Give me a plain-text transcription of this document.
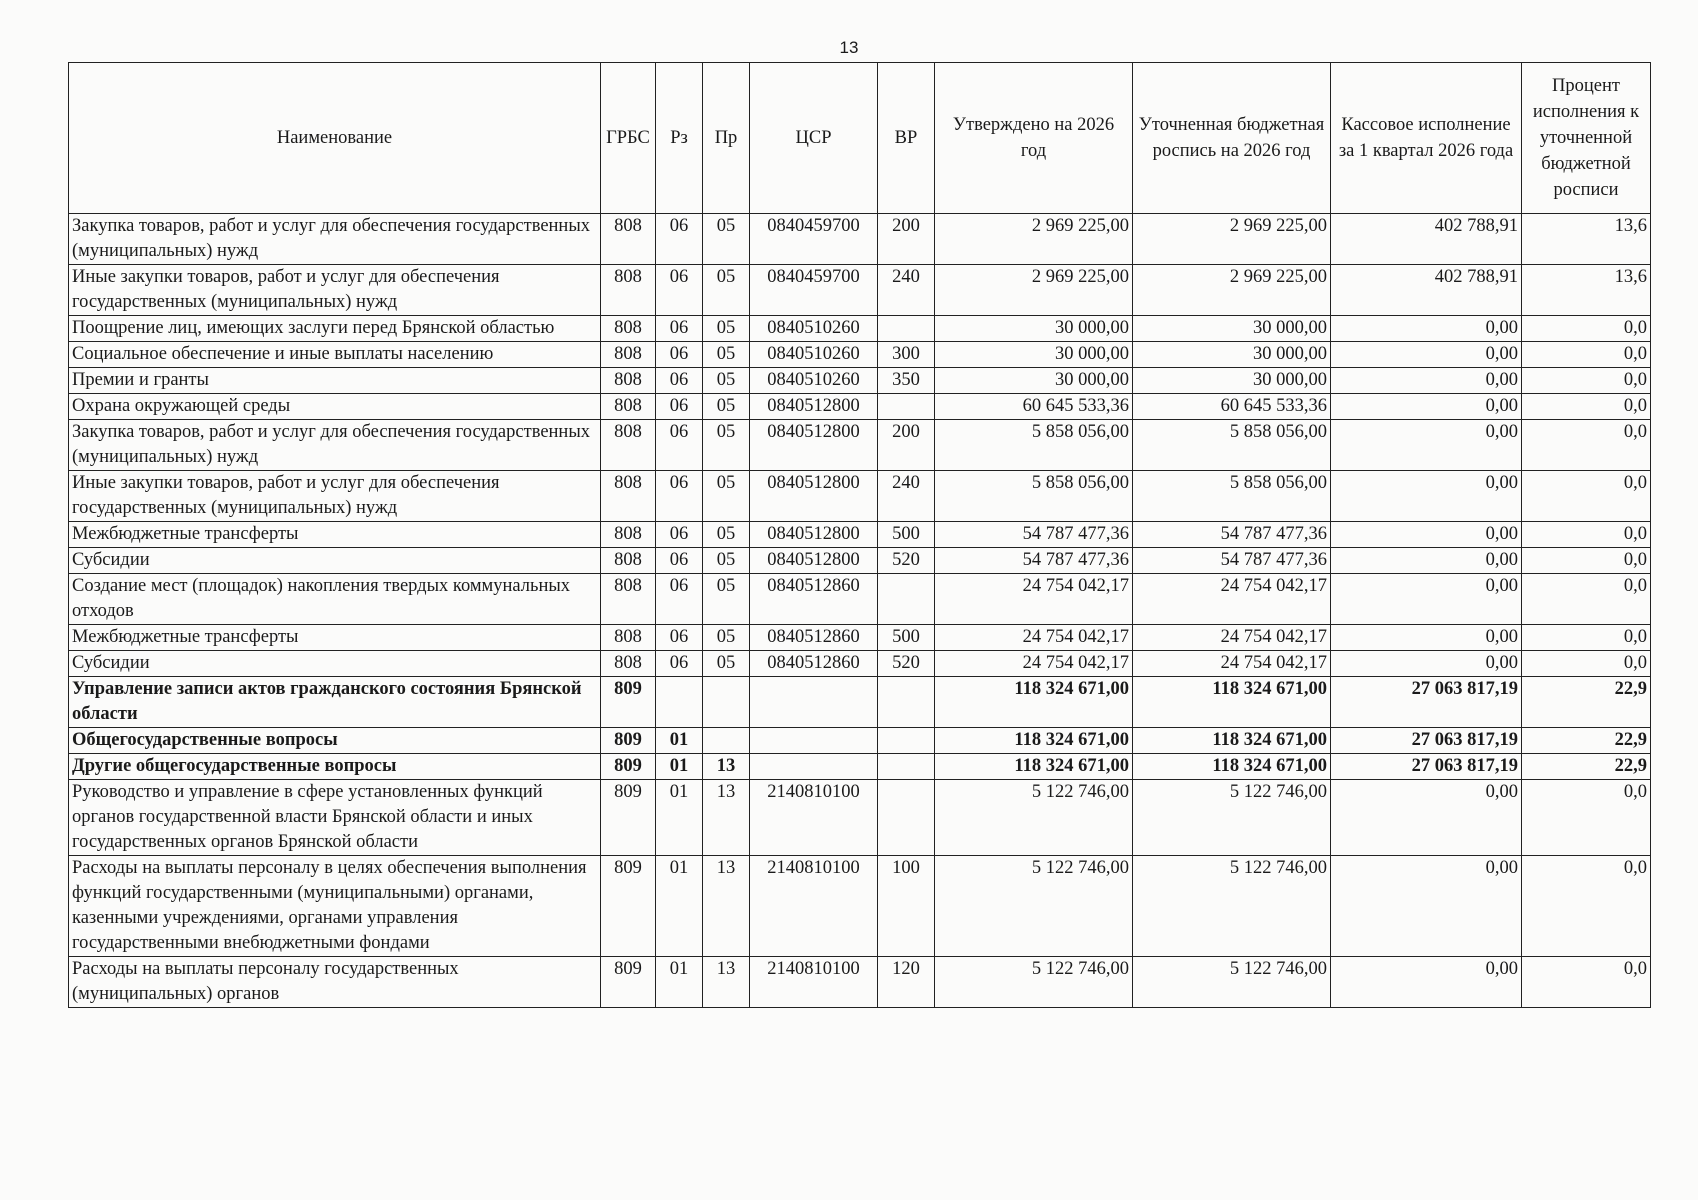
13
Наименование	ГРБС	Рз	Пр	ЦСР	ВР	Утверждено на 2026 год	Уточненная бюджетная роспись на 2026 год	Кассовое исполнение за 1 квартал 2026 года	Процент исполнения к уточненной бюджетной росписи
Закупка товаров, работ и услуг для обеспечения государственных (муниципальных) нужд	808	06	05	0840459700	200	2 969 225,00	2 969 225,00	402 788,91	13,6
Иные закупки товаров, работ и услуг для обеспечения государственных (муниципальных) нужд	808	06	05	0840459700	240	2 969 225,00	2 969 225,00	402 788,91	13,6
Поощрение лиц, имеющих заслуги перед Брянской областью	808	06	05	0840510260		30 000,00	30 000,00	0,00	0,0
Социальное обеспечение и иные выплаты населению	808	06	05	0840510260	300	30 000,00	30 000,00	0,00	0,0
Премии и гранты	808	06	05	0840510260	350	30 000,00	30 000,00	0,00	0,0
Охрана окружающей среды	808	06	05	0840512800		60 645 533,36	60 645 533,36	0,00	0,0
Закупка товаров, работ и услуг для обеспечения государственных (муниципальных) нужд	808	06	05	0840512800	200	5 858 056,00	5 858 056,00	0,00	0,0
Иные закупки товаров, работ и услуг для обеспечения государственных (муниципальных) нужд	808	06	05	0840512800	240	5 858 056,00	5 858 056,00	0,00	0,0
Межбюджетные трансферты	808	06	05	0840512800	500	54 787 477,36	54 787 477,36	0,00	0,0
Субсидии	808	06	05	0840512800	520	54 787 477,36	54 787 477,36	0,00	0,0
Создание мест (площадок) накопления твердых коммунальных отходов	808	06	05	0840512860		24 754 042,17	24 754 042,17	0,00	0,0
Межбюджетные трансферты	808	06	05	0840512860	500	24 754 042,17	24 754 042,17	0,00	0,0
Субсидии	808	06	05	0840512860	520	24 754 042,17	24 754 042,17	0,00	0,0
Управление записи актов гражданского состояния Брянской области	809					118 324 671,00	118 324 671,00	27 063 817,19	22,9
Общегосударственные вопросы	809	01				118 324 671,00	118 324 671,00	27 063 817,19	22,9
Другие общегосударственные вопросы	809	01	13			118 324 671,00	118 324 671,00	27 063 817,19	22,9
Руководство и управление в сфере установленных функций органов государственной власти Брянской области и иных государственных органов Брянской области	809	01	13	2140810100		5 122 746,00	5 122 746,00	0,00	0,0
Расходы на выплаты персоналу в целях обеспечения выполнения функций государственными (муниципальными) органами, казенными учреждениями, органами управления государственными внебюджетными фондами	809	01	13	2140810100	100	5 122 746,00	5 122 746,00	0,00	0,0
Расходы на выплаты персоналу государственных (муниципальных) органов	809	01	13	2140810100	120	5 122 746,00	5 122 746,00	0,00	0,0
